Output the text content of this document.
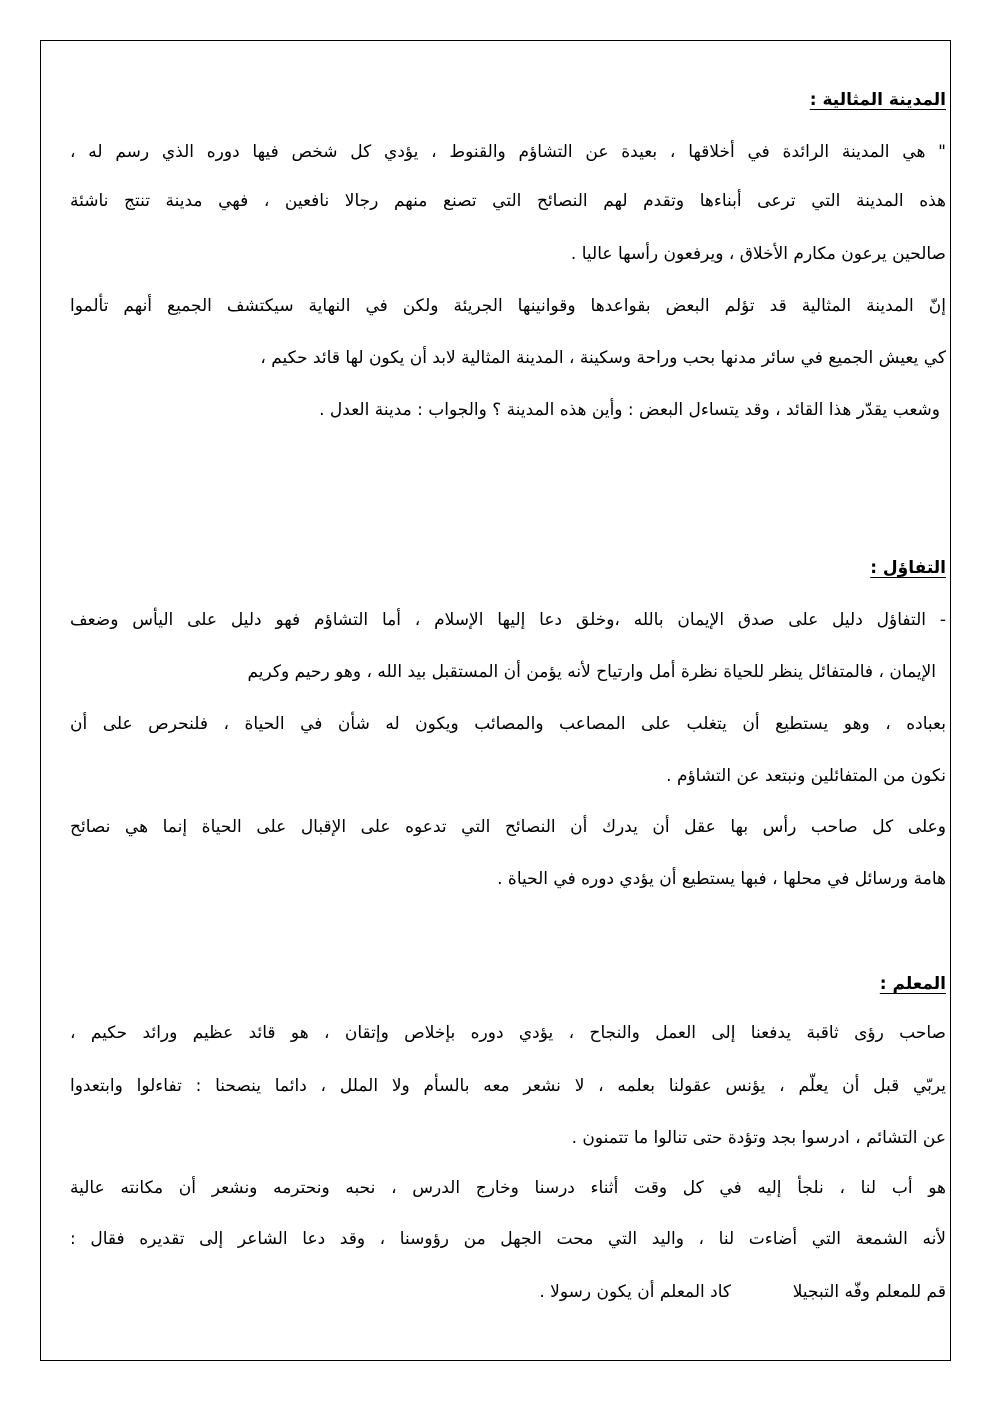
المدينة المثالية :
" هي المدينة الرائدة في أخلاقها ، بعيدة عن التشاؤم والقنوط ، يؤدي كل شخص فيها دوره الذي رسم له ،
هذه المدينة التي ترعى أبناءها وتقدم لهم النصائح التي تصنع منهم رجالا نافعين ، فهي مدينة تنتج ناشئة
صالحين يرعون مكارم الأخلاق ، ويرفعون رأسها عاليا .
إنّ المدينة المثالية قد تؤلم البعض بقواعدها وقوانينها الجريئة ولكن في النهاية سيكتشف الجميع أنهم تألموا
كي يعيش الجميع في سائر مدنها بحب وراحة وسكينة ، المدينة المثالية لابد أن يكون لها قائد حكيم ،
وشعب يقدّر هذا القائد ، وقد يتساءل البعض : وأين هذه المدينة ؟ والجواب : مدينة العدل .
التفاؤل :
- التفاؤل دليل على صدق الإيمان بالله ،وخلق دعا إليها الإسلام ، أما التشاؤم فهو دليل على اليأس وضعف
الإيمان ، فالمتفائل ينظر للحياة نظرة أمل وارتياح لأنه يؤمن أن المستقبل بيد الله ، وهو رحيم وكريم
بعباده ، وهو يستطيع أن يتغلب على المصاعب والمصائب ويكون له شأن في الحياة ، فلنحرص على أن
نكون من المتفائلين ونبتعد عن التشاؤم .
وعلى كل صاحب رأس بها عقل أن يدرك أن النصائح التي تدعوه على الإقبال على الحياة إنما هي نصائح
هامة ورسائل في محلها ، فبها يستطيع أن يؤدي دوره في الحياة .
المعلم :
صاحب رؤى ثاقبة يدفعنا إلى العمل والنجاح ، يؤدي دوره بإخلاص وإتقان ، هو قائد عظيم ورائد حكيم ،
يربّي قبل أن يعلّم ، يؤنس عقولنا بعلمه ، لا نشعر معه بالسأم ولا الملل ، دائما ينصحنا : تفاءلوا وابتعدوا
عن التشائم ، ادرسوا بجد وتؤدة حتى تنالوا ما تتمنون .
هو أب لنا ، نلجأ إليه في كل وقت أثناء درسنا وخارج الدرس ، نحبه ونحترمه ونشعر أن مكانته عالية
لأنه الشمعة التي أضاءت لنا ، واليد التي محت الجهل من رؤوسنا ، وقد دعا الشاعر إلى تقديره فقال :
قم للمعلم وفّه التبجيلا
كاد المعلم أن يكون رسولا .
